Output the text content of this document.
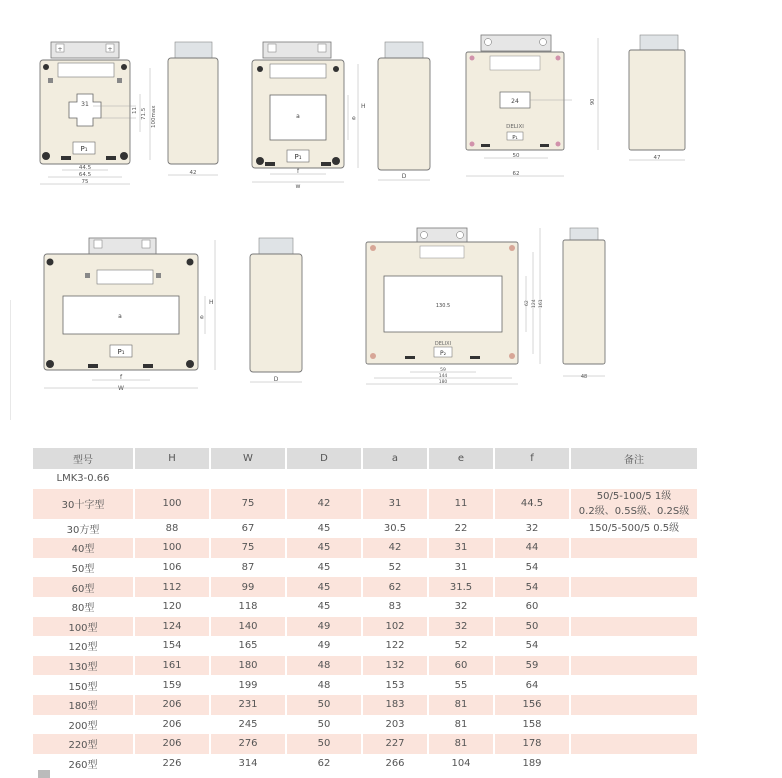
+	+
31
P₁
11 71.5 100max
44.5
64.5
75
42
a
P₁
e
H
f
w
D
24
DELIXI
P₁
90
50
62
47
a
P₁
e
H
f
W
D
130.5
DELIXI
P₂
62 124 161
59
144
180
48
型号	H	W	D	a	e	f	备注
LMK3-0.66							
30十字型	100	75	42	31	11	44.5	50/5-100/5 1级
0.2级、0.5S级、0.2S级

30方型	88	67	45	30.5	22	32	150/5-500/5 0.5级
40型	100	75	45	42	31	44	
50型	106	87	45	52	31	54	
60型	112	99	45	62	31.5	54	
80型	120	118	45	83	32	60	
100型	124	140	49	102	32	50	
120型	154	165	49	122	52	54	
130型	161	180	48	132	60	59	
150型	159	199	48	153	55	64	
180型	206	231	50	183	81	156	
200型	206	245	50	203	81	158	
220型	206	276	50	227	81	178	
260型	226	314	62	266	104	189	
